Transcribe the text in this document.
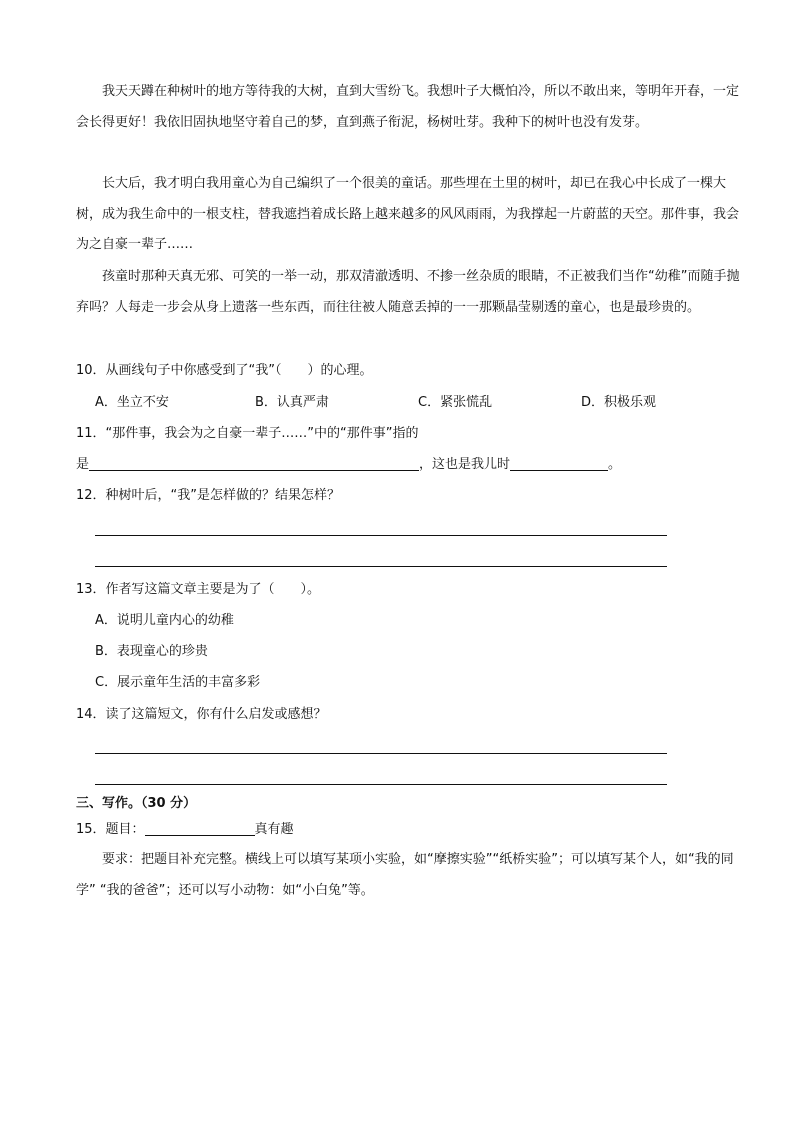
我天天蹲在种树叶的地方等待我的大树，直到大雪纷飞。我想叶子大概怕冷，所以不敢出来，等明年开春，一定会长得更好！我依旧固执地坚守着自己的梦，直到燕子衔泥，杨树吐芽。我种下的树叶也没有发芽。

长大后，我才明白我用童心为自己编织了一个很美的童话。那些埋在土里的树叶，却已在我心中长成了一棵大树，成为我生命中的一根支柱，替我遮挡着成长路上越来越多的风风雨雨，为我撑起一片蔚蓝的天空。那件事，我会为之自豪一辈子……

孩童时那种天真无邪、可笑的一举一动，那双清澈透明、不掺一丝杂质的眼睛，不正被我们当作“幼稚”而随手抛弃吗？人每走一步会从身上遗落一些东西，而往往被人随意丢掉的一一那颗晶莹剔透的童心，也是最珍贵的。

10．从画线句子中你感受到了“我”（　　）的心理。

A．坐立不安	B．认真严肃	C．紧张慌乱	D．积极乐观

11．“那件事，我会为之自豪一辈子……”中的“那件事”指的

是	，这也是我儿时	。

12．种树叶后，“我”是怎样做的？结果怎样？

13．作者写这篇文章主要是为了（　　）。

A．说明儿童内心的幼稚

B．表现童心的珍贵

C．展示童年生活的丰富多彩

14．读了这篇短文，你有什么启发或感想？

三、写作。（30 分）

15．题目：	真有趣

要求：把题目补充完整。横线上可以填写某项小实验，如“摩擦实验”“纸桥实验”；可以填写某个人，如“我的同学” “我的爸爸”；还可以写小动物：如“小白兔”等。
